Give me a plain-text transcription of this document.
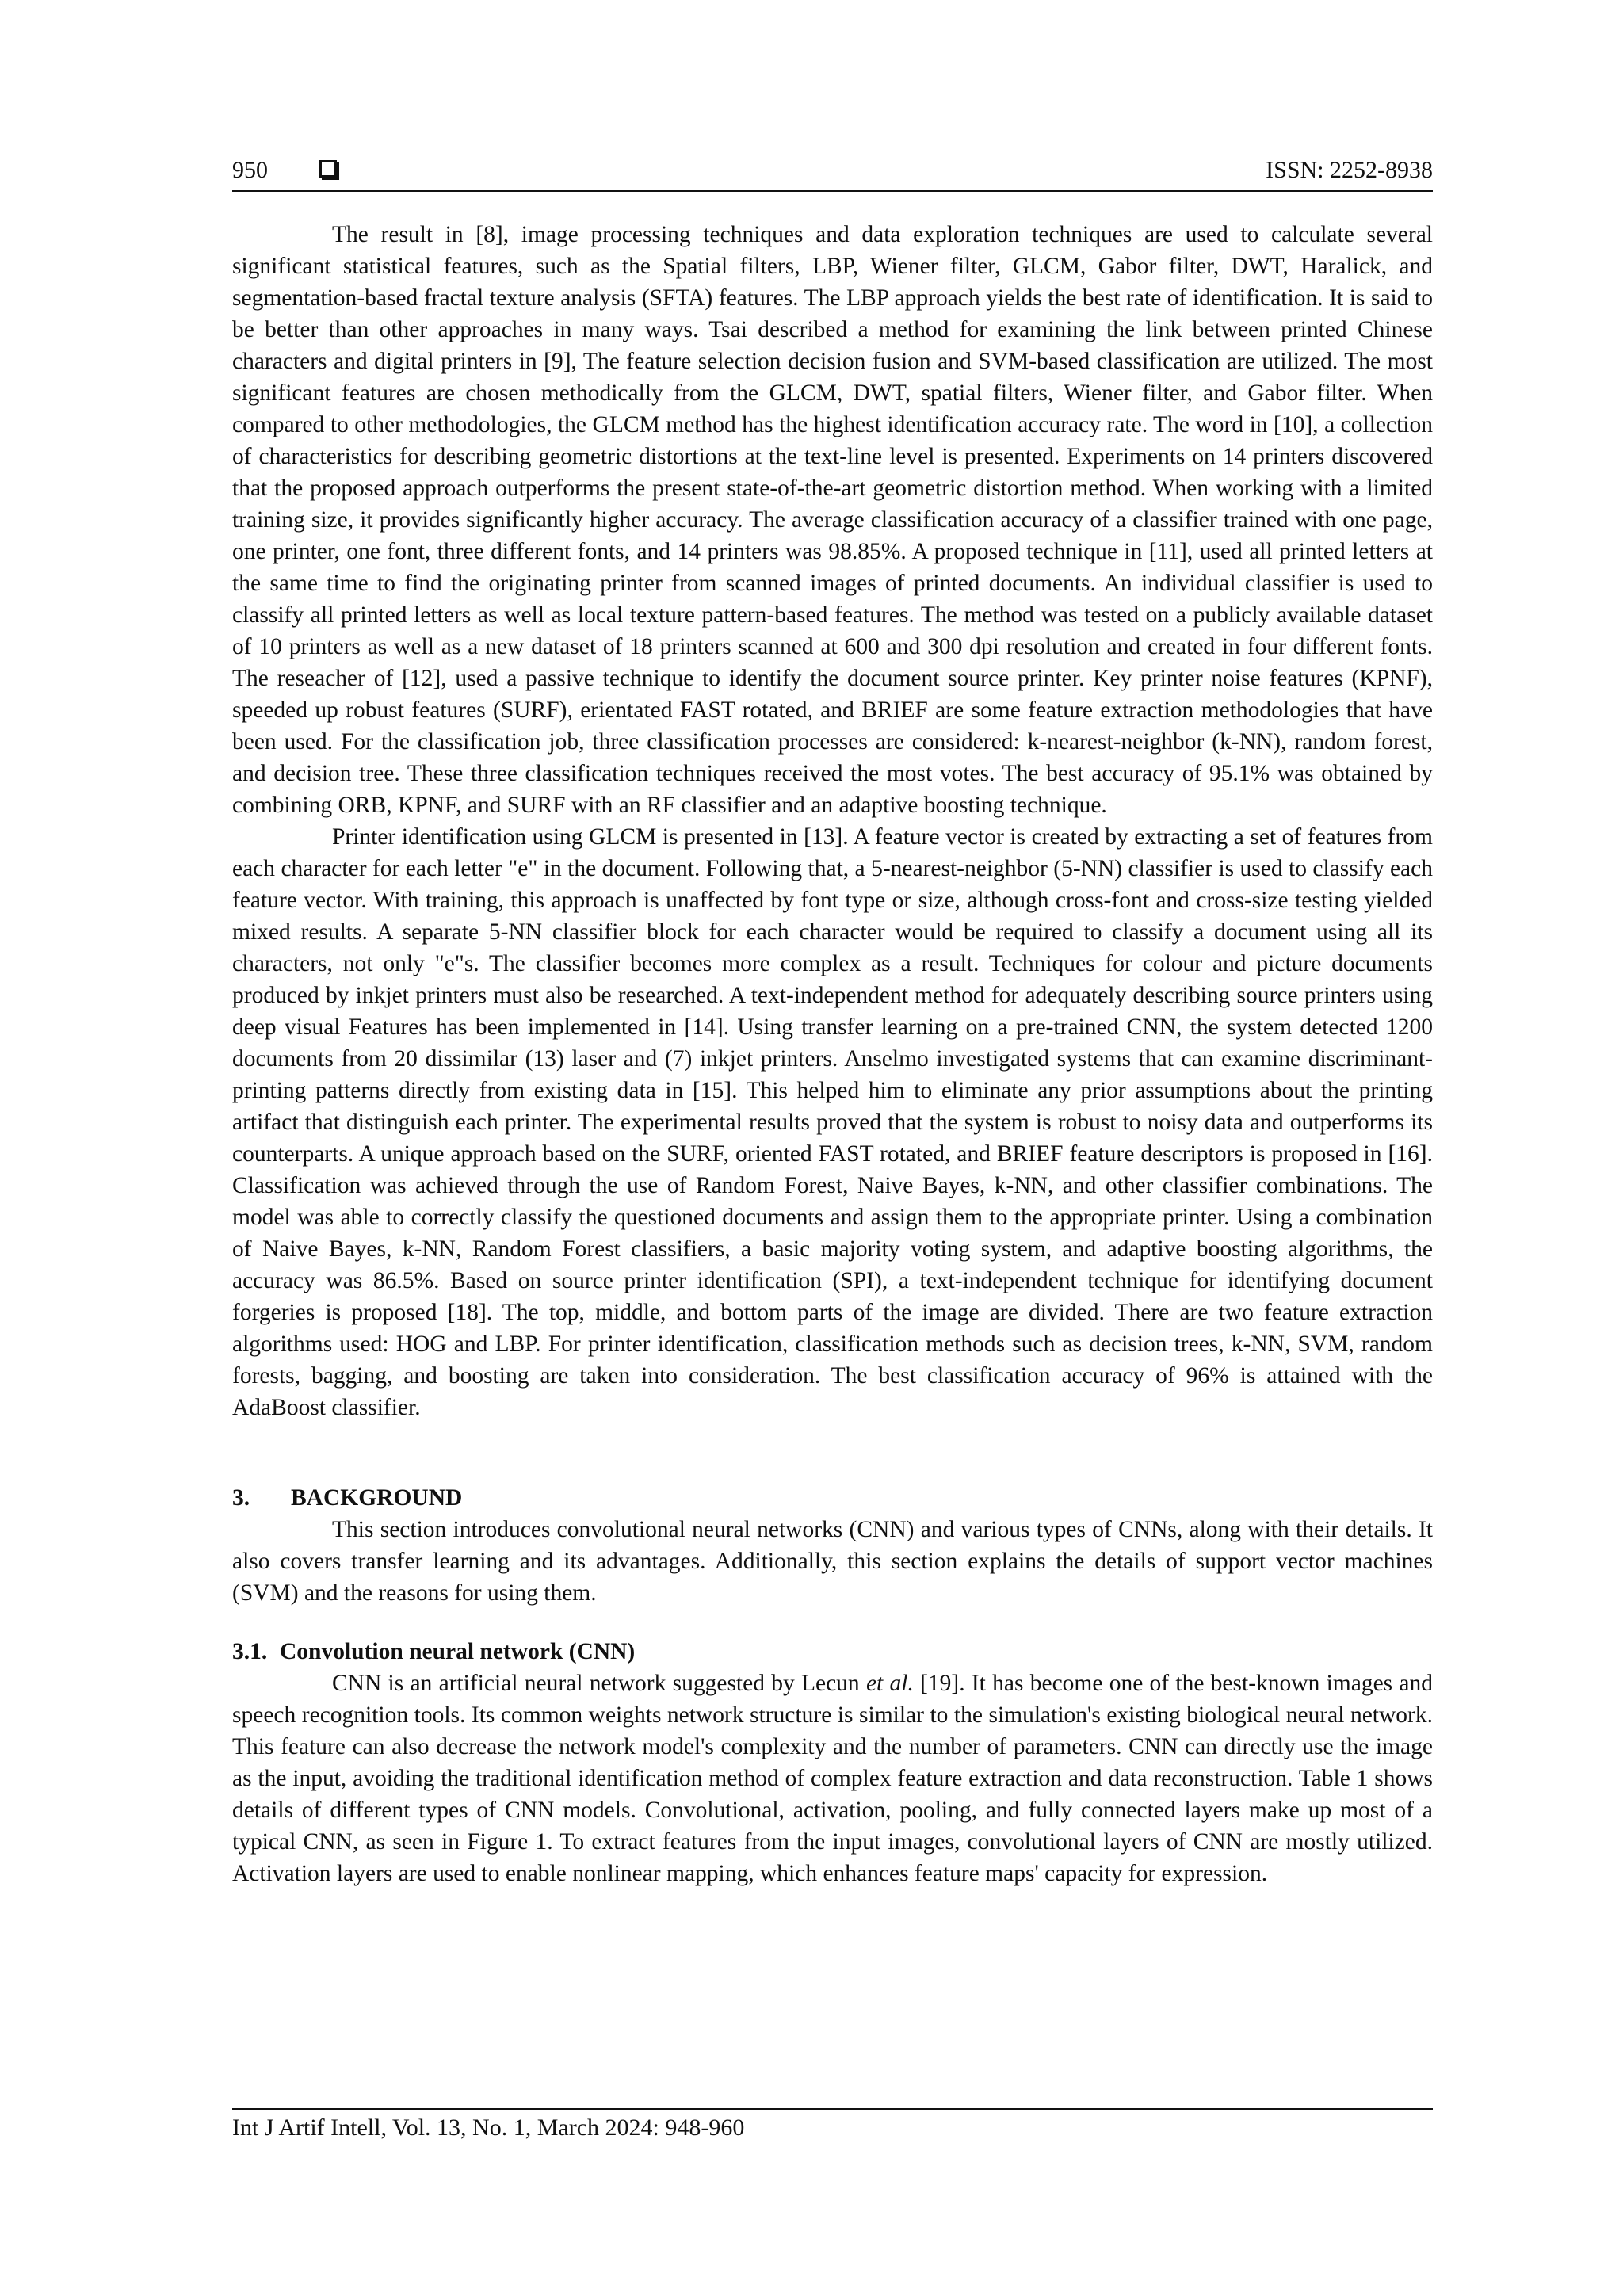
950	ISSN: 2252-8938

The result in [8], image processing techniques and data exploration techniques are used to calculate several significant statistical features, such as the Spatial filters, LBP, Wiener filter, GLCM, Gabor filter, DWT, Haralick, and segmentation-based fractal texture analysis (SFTA) features. The LBP approach yields the best rate of identification. It is said to be better than other approaches in many ways. Tsai described a method for examining the link between printed Chinese characters and digital printers in [9], The feature selection decision fusion and SVM-based classification are utilized. The most significant features are chosen methodically from the GLCM, DWT, spatial filters, Wiener filter, and Gabor filter. When compared to other methodologies, the GLCM method has the highest identification accuracy rate. The word in [10], a collection of characteristics for describing geometric distortions at the text-line level is presented. Experiments on 14 printers discovered that the proposed approach outperforms the present state-of-the-art geometric distortion method. When working with a limited training size, it provides significantly higher accuracy. The average classification accuracy of a classifier trained with one page, one printer, one font, three different fonts, and 14 printers was 98.85%. A proposed technique in [11], used all printed letters at the same time to find the originating printer from scanned images of printed documents. An individual classifier is used to classify all printed letters as well as local texture pattern-based features. The method was tested on a publicly available dataset of 10 printers as well as a new dataset of 18 printers scanned at 600 and 300 dpi resolution and created in four different fonts. The reseacher of [12], used a passive technique to identify the document source printer. Key printer noise features (KPNF), speeded up robust features (SURF), erientated FAST rotated, and BRIEF are some feature extraction methodologies that have been used. For the classification job, three classification processes are considered: k-nearest-neighbor (k-NN), random forest, and decision tree. These three classification techniques received the most votes. The best accuracy of 95.1% was obtained by combining ORB, KPNF, and SURF with an RF classifier and an adaptive boosting technique.

Printer identification using GLCM is presented in [13]. A feature vector is created by extracting a set of features from each character for each letter "e" in the document. Following that, a 5-nearest-neighbor (5-NN) classifier is used to classify each feature vector. With training, this approach is unaffected by font type or size, although cross-font and cross-size testing yielded mixed results. A separate 5-NN classifier block for each character would be required to classify a document using all its characters, not only "e"s. The classifier becomes more complex as a result. Techniques for colour and picture documents produced by inkjet printers must also be researched. A text-independent method for adequately describing source printers using deep visual Features has been implemented in [14]. Using transfer learning on a pre-trained CNN, the system detected 1200 documents from 20 dissimilar (13) laser and (7) inkjet printers. Anselmo investigated systems that can examine discriminant-printing patterns directly from existing data in [15]. This helped him to eliminate any prior assumptions about the printing artifact that distinguish each printer. The experimental results proved that the system is robust to noisy data and outperforms its counterparts. A unique approach based on the SURF, oriented FAST rotated, and BRIEF feature descriptors is proposed in [16]. Classification was achieved through the use of Random Forest, Naive Bayes, k-NN, and other classifier combinations. The model was able to correctly classify the questioned documents and assign them to the appropriate printer. Using a combination of Naive Bayes, k-NN, Random Forest classifiers, a basic majority voting system, and adaptive boosting algorithms, the accuracy was 86.5%. Based on source printer identification (SPI), a text-independent technique for identifying document forgeries is proposed [18]. The top, middle, and bottom parts of the image are divided. There are two feature extraction algorithms used: HOG and LBP. For printer identification, classification methods such as decision trees, k-NN, SVM, random forests, bagging, and boosting are taken into consideration. The best classification accuracy of 96% is attained with the AdaBoost classifier.

3. BACKGROUND

This section introduces convolutional neural networks (CNN) and various types of CNNs, along with their details. It also covers transfer learning and its advantages. Additionally, this section explains the details of support vector machines (SVM) and the reasons for using them.

3.1. Convolution neural network (CNN)

CNN is an artificial neural network suggested by Lecun et al. [19]. It has become one of the best-known images and speech recognition tools. Its common weights network structure is similar to the simulation's existing biological neural network. This feature can also decrease the network model's complexity and the number of parameters. CNN can directly use the image as the input, avoiding the traditional identification method of complex feature extraction and data reconstruction. Table 1 shows details of different types of CNN models. Convolutional, activation, pooling, and fully connected layers make up most of a typical CNN, as seen in Figure 1. To extract features from the input images, convolutional layers of CNN are mostly utilized. Activation layers are used to enable nonlinear mapping, which enhances feature maps' capacity for expression.

Int J Artif Intell, Vol. 13, No. 1, March 2024: 948-960
